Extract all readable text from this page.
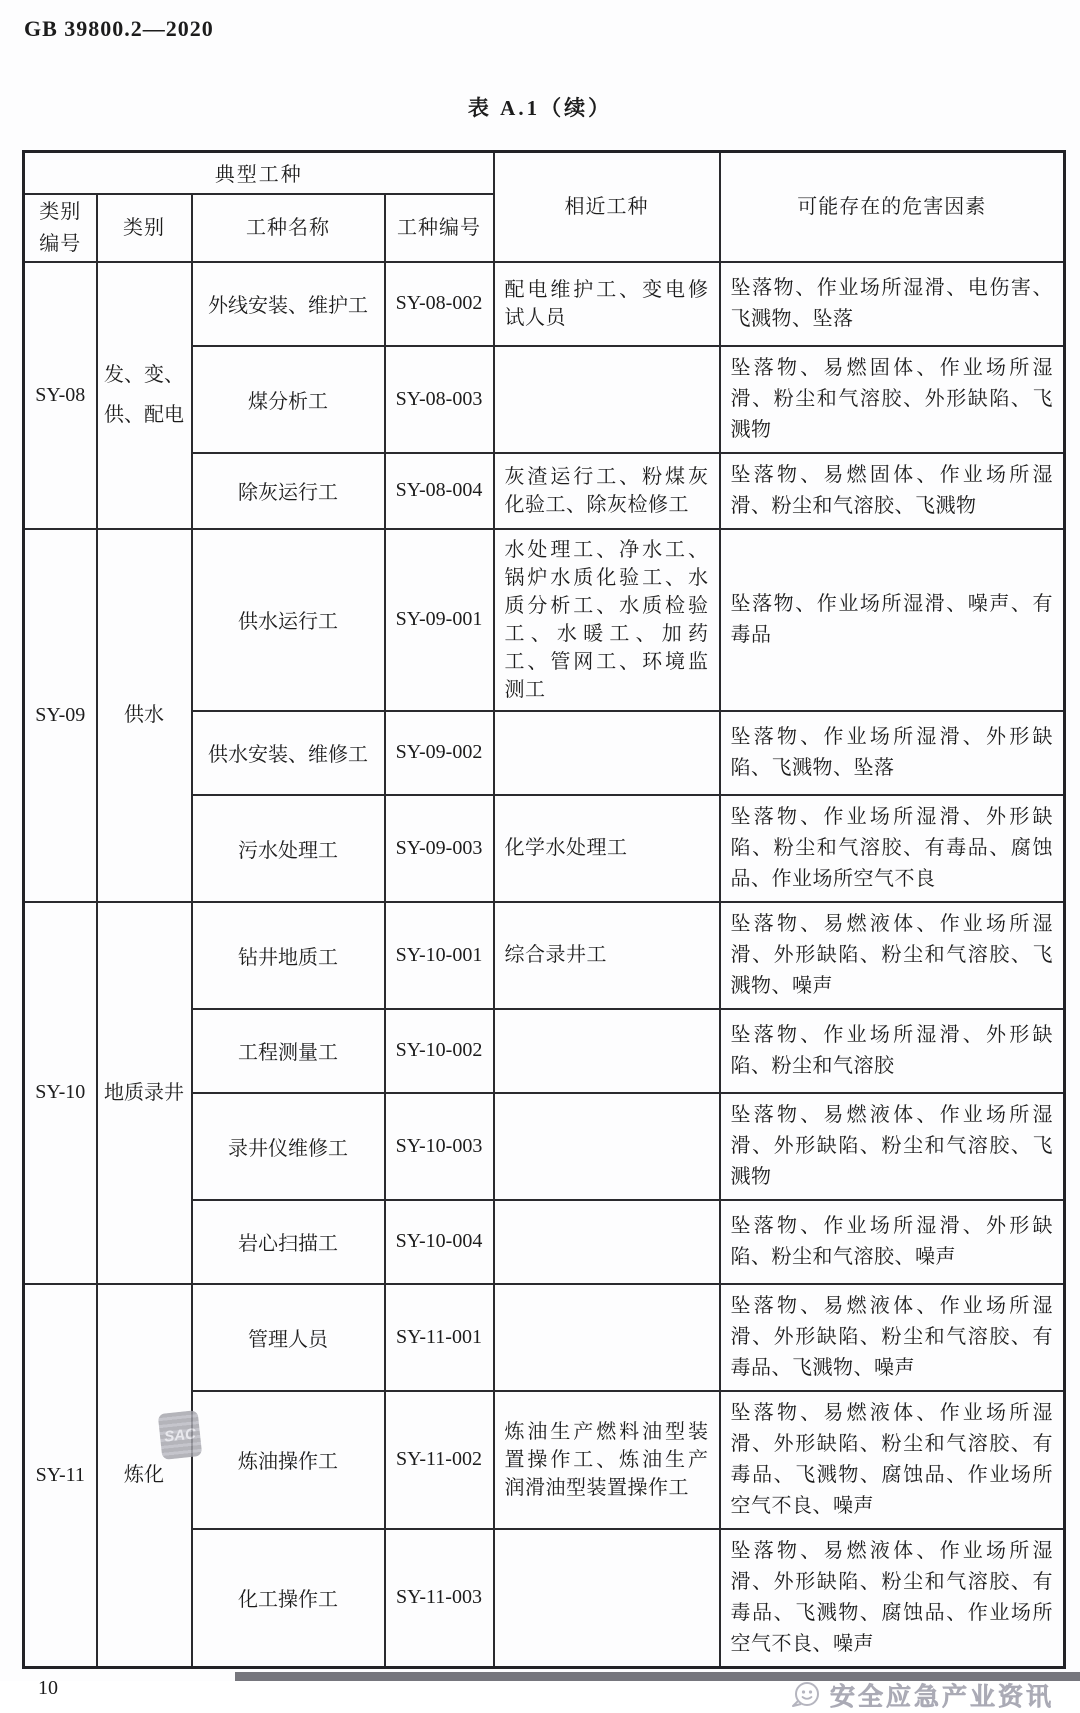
GB 39800.2—2020
表 A.1（续）
典型工种				相近工种	可能存在的危害因素
类别编号	类别	工种名称	工种编号		
SY-08	发、变、供、配电	外线安装、维护工	SY-08-002	配电维护工、变电修试人员	坠落物、作业场所湿滑、电伤害、飞溅物、坠落
		煤分析工	SY-08-003		坠落物、易燃固体、作业场所湿滑、粉尘和气溶胶、外形缺陷、飞溅物
		除灰运行工	SY-08-004	灰渣运行工、粉煤灰化验工、除灰检修工	坠落物、易燃固体、作业场所湿滑、粉尘和气溶胶、飞溅物
SY-09	供水	供水运行工	SY-09-001	水处理工、净水工、锅炉水质化验工、水质分析工、水质检验工、水暖工、加药工、管网工、环境监测工	坠落物、作业场所湿滑、噪声、有毒品
		供水安装、维修工	SY-09-002		坠落物、作业场所湿滑、外形缺陷、飞溅物、坠落
		污水处理工	SY-09-003	化学水处理工	坠落物、作业场所湿滑、外形缺陷、粉尘和气溶胶、有毒品、腐蚀品、作业场所空气不良
SY-10	地质录井	钻井地质工	SY-10-001	综合录井工	坠落物、易燃液体、作业场所湿滑、外形缺陷、粉尘和气溶胶、飞溅物、噪声
		工程测量工	SY-10-002		坠落物、作业场所湿滑、外形缺陷、粉尘和气溶胶
		录井仪维修工	SY-10-003		坠落物、易燃液体、作业场所湿滑、外形缺陷、粉尘和气溶胶、飞溅物
		岩心扫描工	SY-10-004		坠落物、作业场所湿滑、外形缺陷、粉尘和气溶胶、噪声
SY-11	炼化	管理人员	SY-11-001		坠落物、易燃液体、作业场所湿滑、外形缺陷、粉尘和气溶胶、有毒品、飞溅物、噪声
		炼油操作工	SY-11-002	炼油生产燃料油型装置操作工、炼油生产润滑油型装置操作工	坠落物、易燃液体、作业场所湿滑、外形缺陷、粉尘和气溶胶、有毒品、飞溅物、腐蚀品、作业场所空气不良、噪声
		化工操作工	SY-11-003		坠落物、易燃液体、作业场所湿滑、外形缺陷、粉尘和气溶胶、有毒品、飞溅物、腐蚀品、作业场所空气不良、噪声
10	安全应急产业资讯
SAC
